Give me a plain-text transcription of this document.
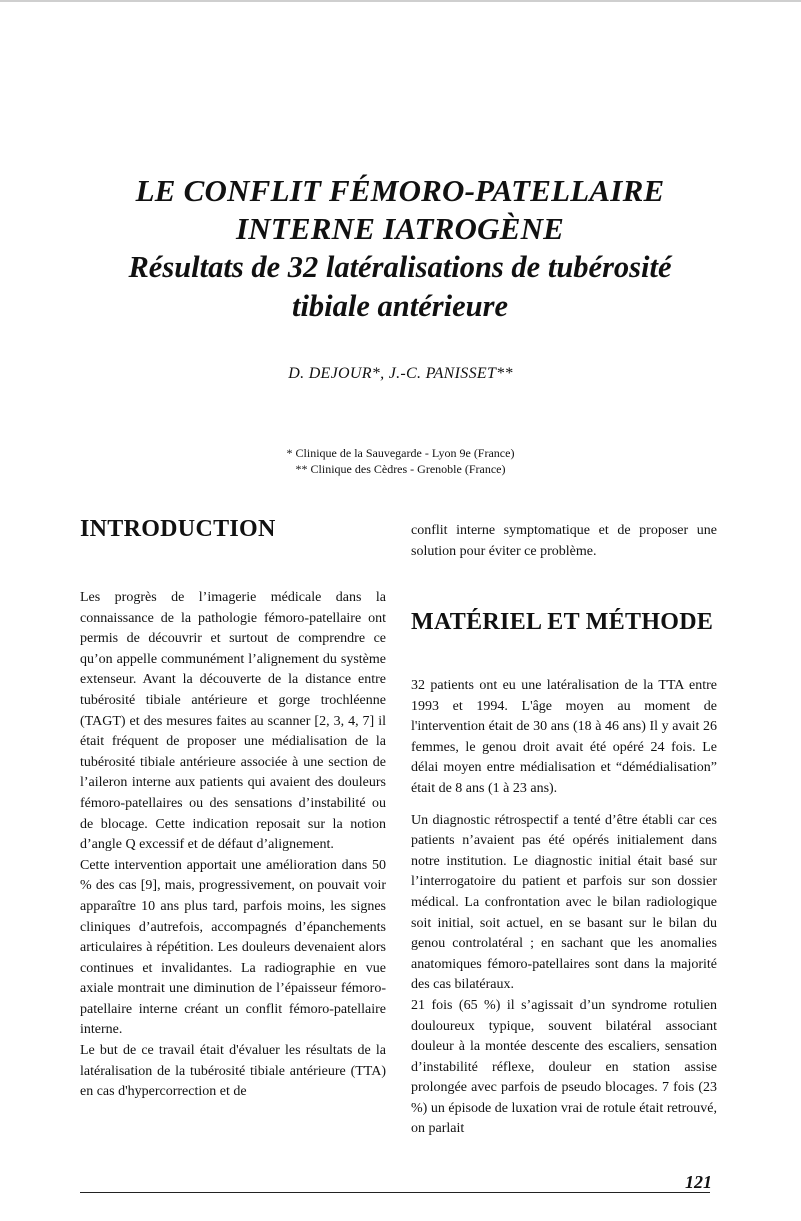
LE CONFLIT FÉMORO-PATELLAIRE

INTERNE IATROGÈNE

Résultats de 32 latéralisations de tubérosité

tibiale antérieure

D. DEJOUR*, J.-C. PANISSET**
* Clinique de la Sauvegarde - Lyon 9e (France)
** Clinique des Cèdres - Grenoble (France)
INTRODUCTION

Les progrès de l’imagerie médicale dans la connaissance de la pathologie fémoro-patellaire ont permis de découvrir et surtout de comprendre ce qu’on appelle communément l’alignement du système extenseur. Avant la découverte de la distance entre tubérosité tibiale antérieure et gorge trochléenne (TAGT) et des mesures faites au scanner [2, 3, 4, 7] il était fréquent de proposer une médialisation de la tubérosité tibiale antérieure associée à une section de l’aileron interne aux patients qui avaient des douleurs fémoro-patellaires ou des sensations d’instabilité ou de blocage. Cette indication reposait sur la notion d’angle Q excessif et de défaut d’alignement.

Cette intervention apportait une amélioration dans 50 % des cas [9], mais, progressivement, on pouvait voir apparaître 10 ans plus tard, parfois moins, les signes cliniques d’autrefois, accompagnés d’épanchements articulaires à répétition. Les douleurs devenaient alors continues et invalidantes. La radiographie en vue axiale montrait une diminution de l’épaisseur fémoro-patellaire interne créant un conflit fémoro-patellaire interne.

Le but de ce travail était d'évaluer les résultats de la latéralisation de la tubérosité tibiale antérieure (TTA) en cas d'hypercorrection et de

conflit interne symptomatique et de proposer une solution pour éviter ce problème.

MATÉRIEL ET MÉTHODE

32 patients ont eu une latéralisation de la TTA entre 1993 et 1994. L'âge moyen au moment de l'intervention était de 30 ans (18 à 46 ans) Il y avait 26 femmes, le genou droit avait été opéré 24 fois. Le délai moyen entre médialisation et “démédialisation” était de 8 ans (1 à 23 ans).

Un diagnostic rétrospectif a tenté d’être établi car ces patients n’avaient pas été opérés initialement dans notre institution. Le diagnostic initial était basé sur l’interrogatoire du patient et parfois sur son dossier médical. La confrontation avec le bilan radiologique soit initial, soit actuel, en se basant sur le bilan du genou controlatéral ; en sachant que les anomalies anatomiques fémoro-patellaires sont dans la majorité des cas bilatéraux.

21 fois (65 %) il s’agissait d’un syndrome rotulien douloureux typique, souvent bilatéral associant douleur à la montée descente des escaliers, sensation d’instabilité réflexe, douleur en station assise prolongée avec parfois de pseudo blocages. 7 fois (23 %) un épisode de luxation vrai de rotule était retrouvé, on parlait

121
